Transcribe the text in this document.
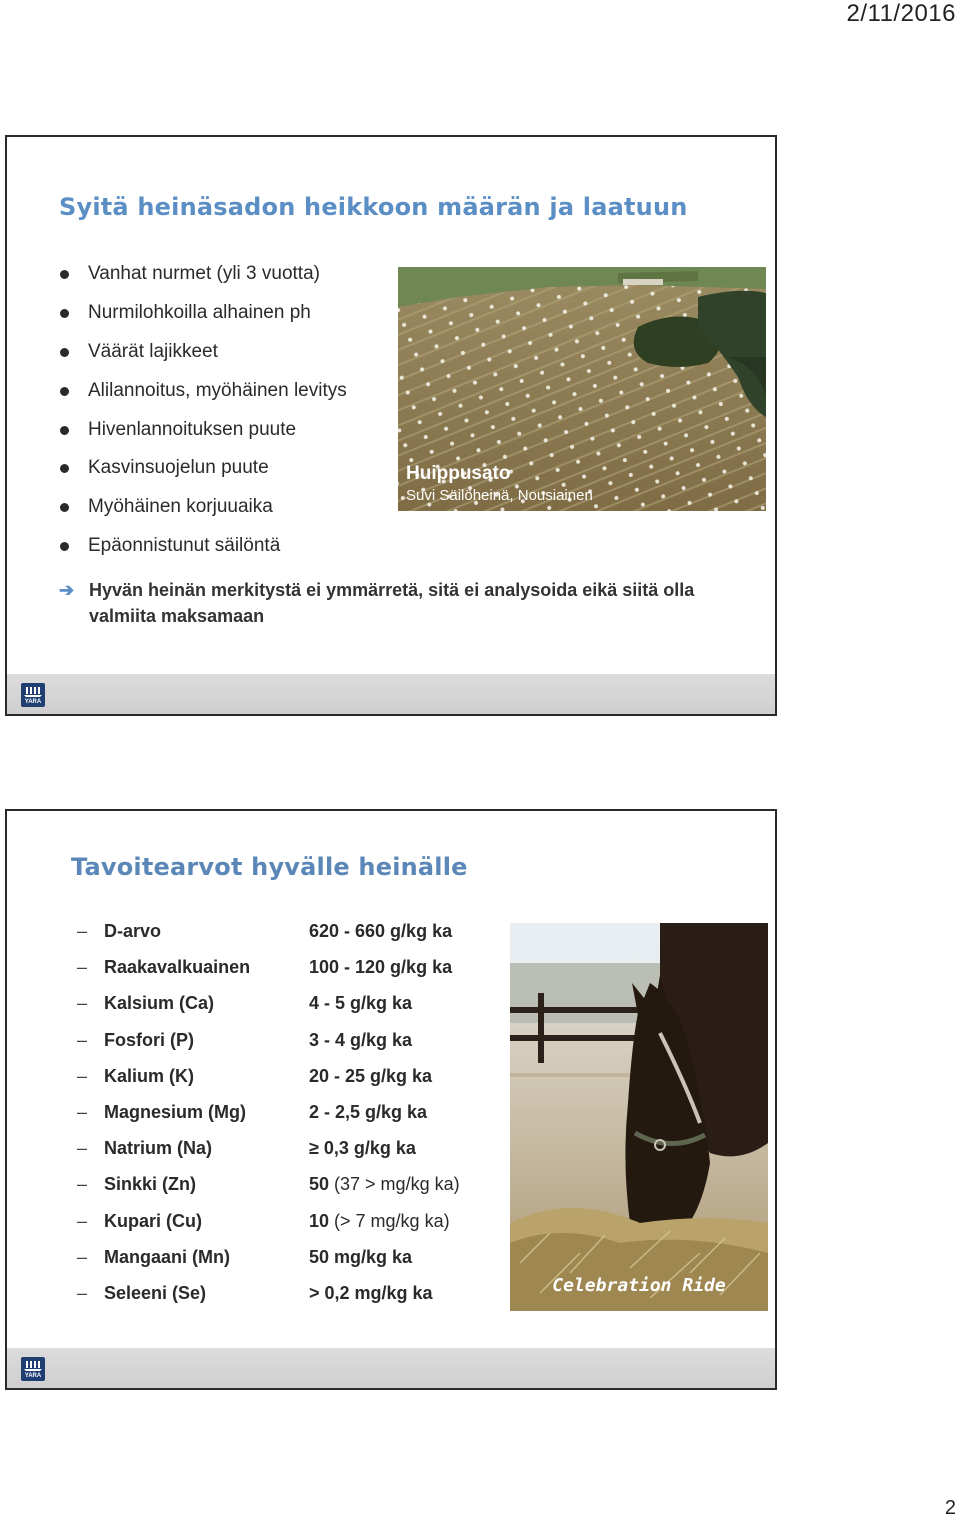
2/11/2016
Syitä heinäsadon heikkoon määrän ja laatuun
Vanhat nurmet (yli 3 vuotta)
Nurmilohkoilla alhainen ph
Väärät lajikkeet
Alilannoitus, myöhäinen levitys
Hivenlannoituksen puute
Kasvinsuojelun puute
Myöhäinen korjuuaika
Epäonnistunut säilöntä
Huippusato
Suvi Säilöheinä, Nousiainen
➔ Hyvän heinän merkitystä ei ymmärretä, sitä ei analysoida eikä siitä olla valmiita maksamaan
YARA
Tavoitearvot hyvälle heinälle
– D-arvo	620 - 660 g/kg ka
– Raakavalkuainen	100 - 120 g/kg ka
– Kalsium (Ca)	4 - 5 g/kg ka
– Fosfori (P)	3 - 4 g/kg ka
– Kalium (K)	20 - 25 g/kg ka
– Magnesium (Mg)	2 - 2,5 g/kg ka
– Natrium (Na)	≥ 0,3 g/kg ka
– Sinkki (Zn)	50 (37 > mg/kg ka)
– Kupari (Cu)	10 (> 7 mg/kg ka)
– Mangaani (Mn)	50 mg/kg ka
– Seleeni (Se)	> 0,2 mg/kg ka	Celebration Ride
YARA
2
